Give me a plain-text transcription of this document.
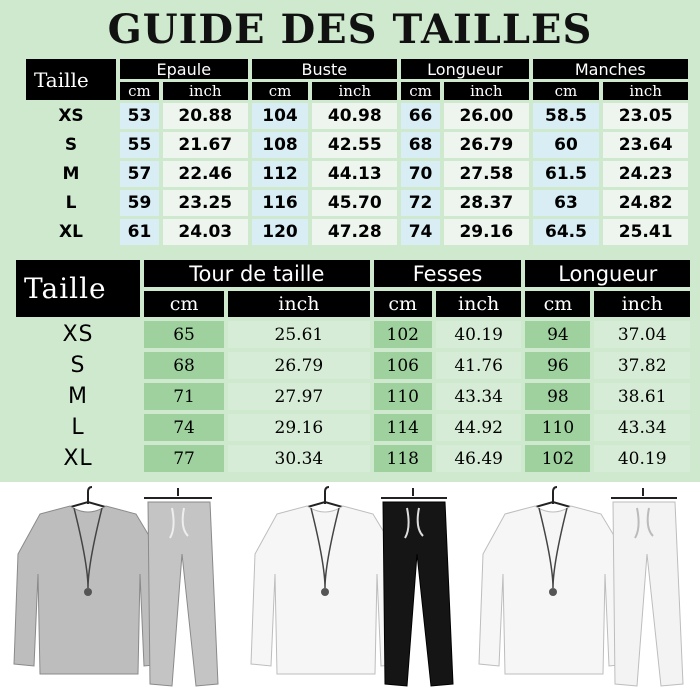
GUIDE DES TAILLES
Taille	Epaule		Buste		Longueur		Manches	
	cm	inch	cm	inch	cm	inch	cm	inch
XS	53	20.88	104	40.98	66	26.00	58.5	23.05
S	55	21.67	108	42.55	68	26.79	60	23.64
M	57	22.46	112	44.13	70	27.58	61.5	24.23
L	59	23.25	116	45.70	72	28.37	63	24.82
XL	61	24.03	120	47.28	74	29.16	64.5	25.41
Taille	Tour de taille		Fesses		Longueur	
	cm	inch	cm	inch	cm	inch
XS	65	25.61	102	40.19	94	37.04
S	68	26.79	106	41.76	96	37.82
M	71	27.97	110	43.34	98	38.61
L	74	29.16	114	44.92	110	43.34
XL	77	30.34	118	46.49	102	40.19
